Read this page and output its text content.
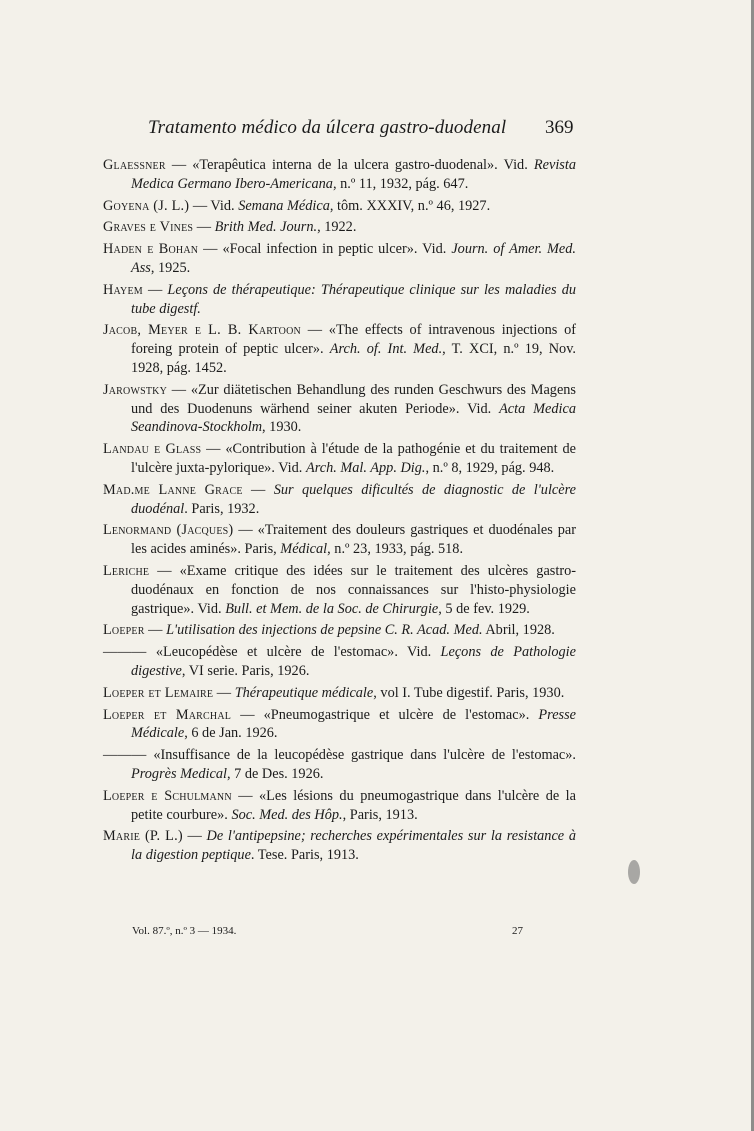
Tratamento médico da úlcera gastro-duodenal	369
Glaessner — «Terapêutica interna de la ulcera gastro-duodenal». Vid. Revista Medica Germano Ibero-Americana, n.º 11, 1932, pág. 647.
Goyena (J. L.) — Vid. Semana Médica, tôm. XXXIV, n.º 46, 1927.
Graves e Vines — Brith Med. Journ., 1922.
Haden e Bohan — «Focal infection in peptic ulcer». Vid. Journ. of Amer. Med. Ass, 1925.
Hayem — Leçons de thérapeutique: Thérapeutique clinique sur les maladies du tube digestf.
Jacob, Meyer e L. B. Kartoon — «The effects of intravenous injections of foreing protein of peptic ulcer». Arch. of. Int. Med., T. XCI, n.º 19, Nov. 1928, pág. 1452.
Jarowstky — «Zur diätetischen Behandlung des runden Geschwurs des Magens und des Duodenuns wärhend seiner akuten Periode». Vid. Acta Medica Seandinova-Stockholm, 1930.
Landau e Glass — «Contribution à l'étude de la pathogénie et du traitement de l'ulcère juxta-pylorique». Vid. Arch. Mal. App. Dig., n.º 8, 1929, pág. 948.
Mad.me Lanne Grace — Sur quelques dificultés de diagnostic de l'ulcère duodénal. Paris, 1932.
Lenormand (Jacques) — «Traitement des douleurs gastriques et duodénales par les acides aminés». Paris, Médical, n.º 23, 1933, pág. 518.
Leriche — «Exame critique des idées sur le traitement des ulcères gastro-duodénaux en fonction de nos connaissances sur l'histo-physiologie gastrique». Vid. Bull. et Mem. de la Soc. de Chirurgie, 5 de fev. 1929.
Loeper — L'utilisation des injections de pepsine C. R. Acad. Med. Abril, 1928.
——— «Leucopédèse et ulcère de l'estomac». Vid. Leçons de Pathologie digestive, VI serie. Paris, 1926.
Loeper et Lemaire — Thérapeutique médicale, vol I. Tube digestif. Paris, 1930.
Loeper et Marchal — «Pneumogastrique et ulcère de l'estomac». Presse Médicale, 6 de Jan. 1926.
——— «Insuffisance de la leucopédèse gastrique dans l'ulcère de l'estomac». Progrès Medical, 7 de Des. 1926.
Loeper e Schulmann — «Les lésions du pneumogastrique dans l'ulcère de la petite courbure». Soc. Med. des Hôp., Paris, 1913.
Marie (P. L.) — De l'antipepsine; recherches expérimentales sur la resistance à la digestion peptique. Tese. Paris, 1913.
Vol. 87.º, n.º 3 — 1934.	27
